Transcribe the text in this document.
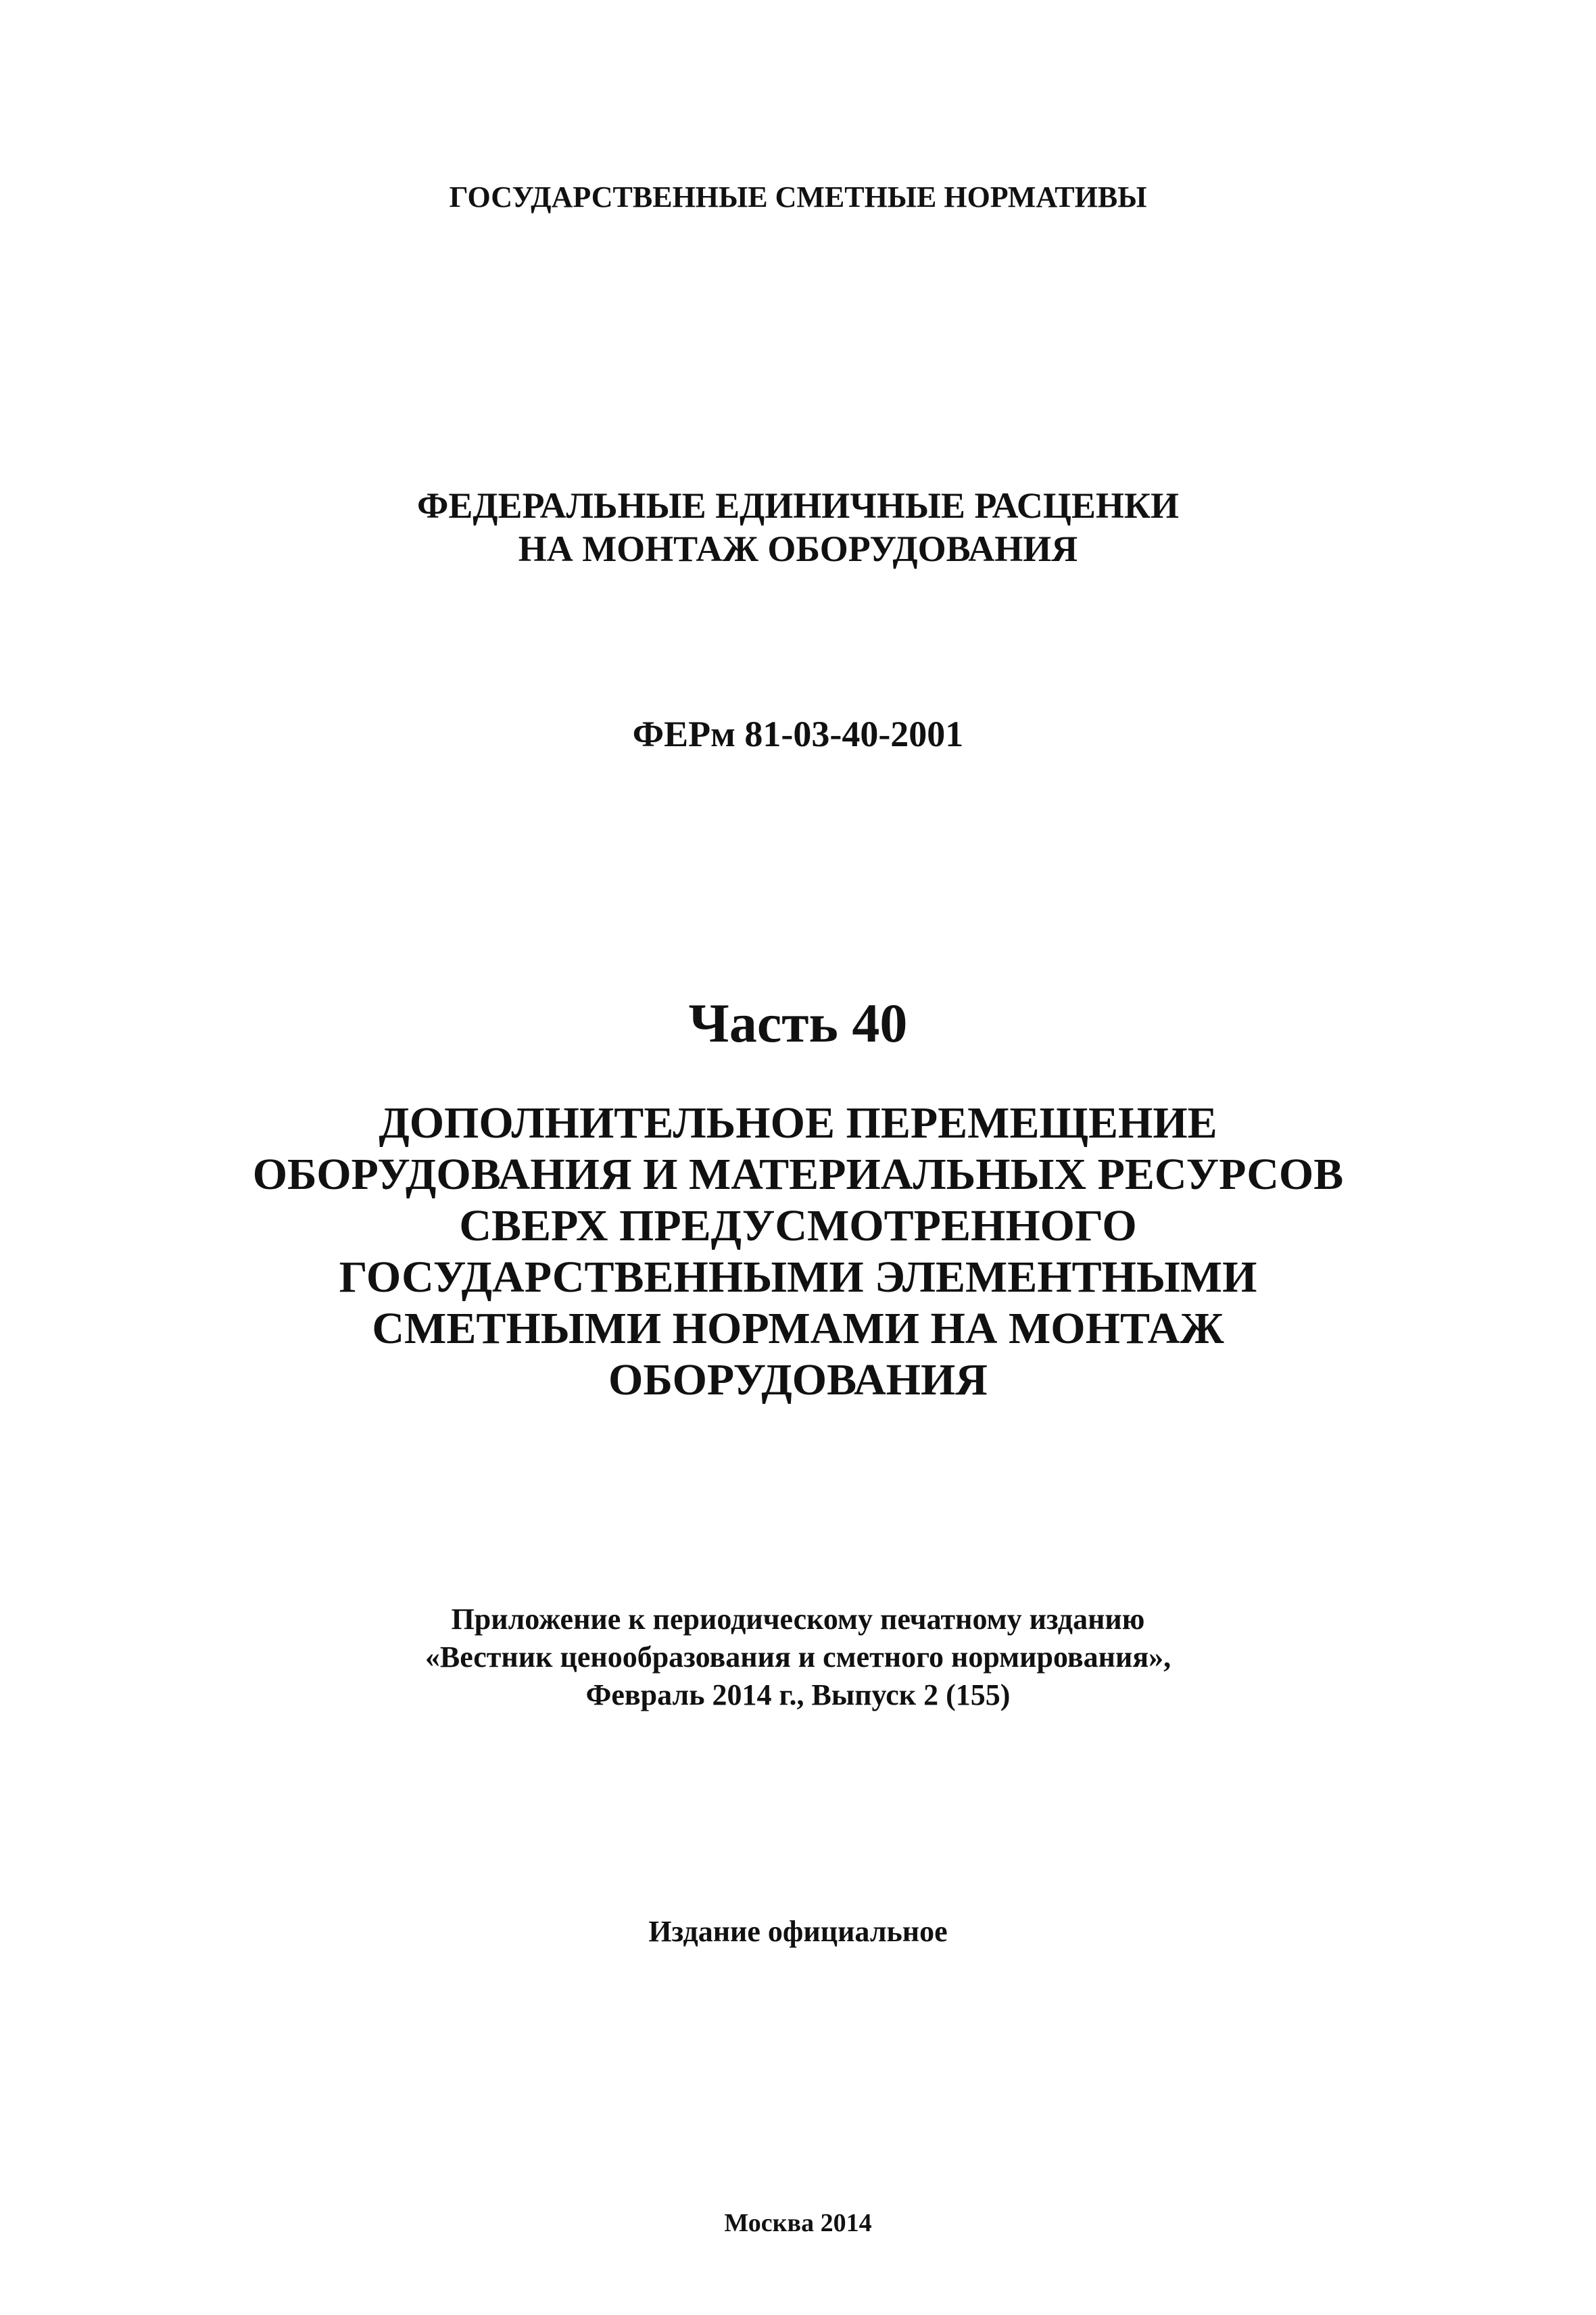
ГОСУДАРСТВЕННЫЕ СМЕТНЫЕ НОРМАТИВЫ
ФЕДЕРАЛЬНЫЕ ЕДИНИЧНЫЕ РАСЦЕНКИ
НА МОНТАЖ ОБОРУДОВАНИЯ
ФЕРм 81-03-40-2001
Часть 40
ДОПОЛНИТЕЛЬНОЕ ПЕРЕМЕЩЕНИЕ
ОБОРУДОВАНИЯ И МАТЕРИАЛЬНЫХ РЕСУРСОВ
СВЕРХ ПРЕДУСМОТРЕННОГО
ГОСУДАРСТВЕННЫМИ ЭЛЕМЕНТНЫМИ
СМЕТНЫМИ НОРМАМИ НА МОНТАЖ
ОБОРУДОВАНИЯ
Приложение к периодическому печатному изданию
«Вестник ценообразования и сметного нормирования»,
Февраль 2014 г., Выпуск 2 (155)
Издание официальное
Москва 2014
